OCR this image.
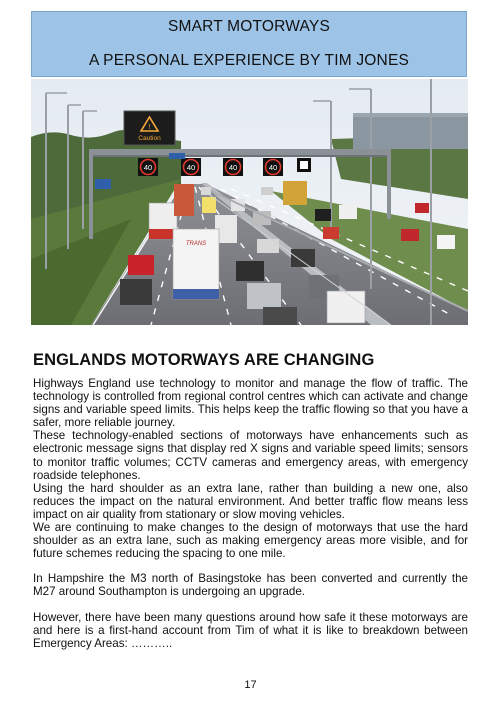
SMART MOTORWAYS
A PERSONAL EXPERIENCE BY TIM JONES
!
Caution
40	40	40	40
TRANS
ENGLANDS MOTORWAYS ARE CHANGING

Highways England use technology to monitor and manage the flow of traffic. The technology is controlled from regional control centres which can activate and change signs and variable speed limits. This helps keep the traffic flowing so that you have a safer, more reliable journey.

These technology-enabled sections of motorways have enhancements such as electronic message signs that display red X signs and variable speed limits; sensors to monitor traffic volumes; CCTV cameras and emergency areas, with emergency roadside telephones.

Using the hard shoulder as an extra lane, rather than building a new one, also reduces the impact on the natural environment. And better traffic flow means less impact on air quality from stationary or slow moving vehicles.

We are continuing to make changes to the design of motorways that use the hard shoulder as an extra lane, such as making emergency areas more visible, and for future schemes reducing the spacing to one mile.

In Hampshire the M3 north of Basingstoke has been converted and currently the M27 around Southampton is undergoing an upgrade.

However, there have been many questions around how safe it these motorways are and here is a first-hand account from Tim of what it is like to breakdown between Emergency Areas: ………..

17
